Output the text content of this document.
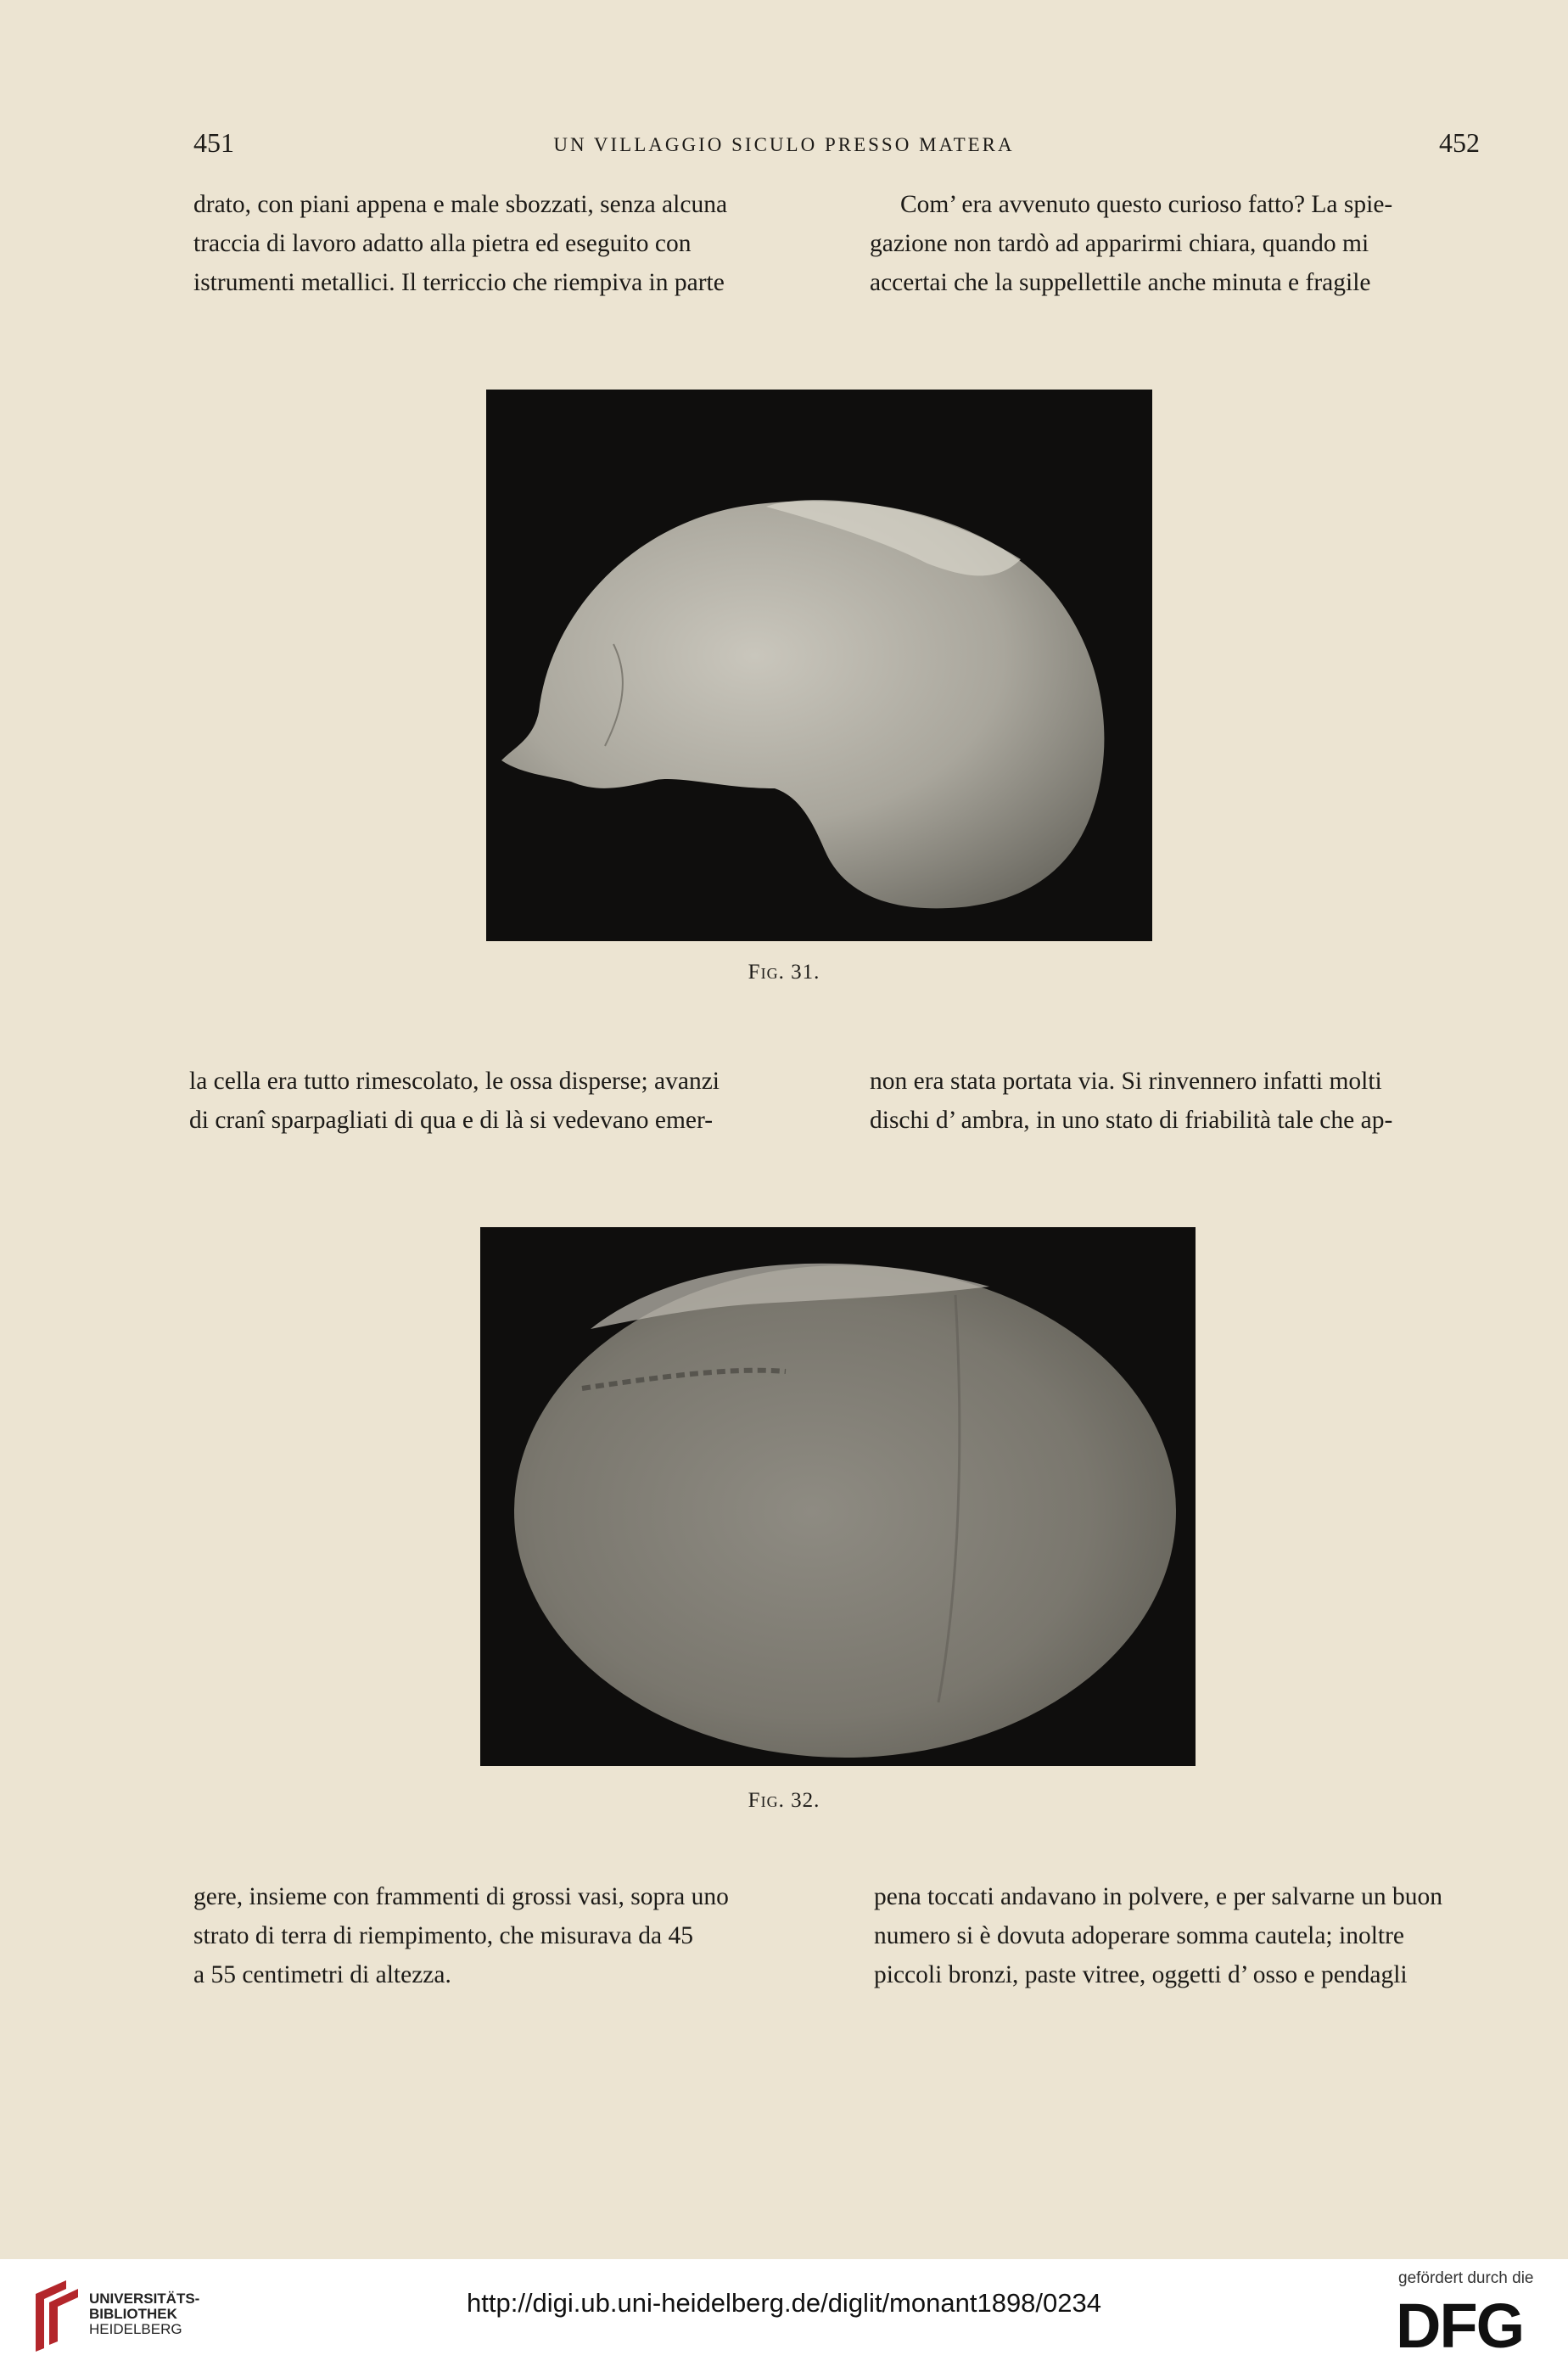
451	UN VILLAGGIO SICULO PRESSO MATERA	452

drato, con piani appena e male sbozzati, senza alcuna

traccia di lavoro adatto alla pietra ed eseguito con

istrumenti metallici. Il terriccio che riempiva in parte

Com’ era avvenuto questo curioso fatto? La spie-

gazione non tardò ad apparirmi chiara, quando mi

accertai che la suppellettile anche minuta e fragile

Fig. 31.

la cella era tutto rimescolato, le ossa disperse; avanzi

di cranî sparpagliati di qua e di là si vedevano emer-

non era stata portata via. Si rinvennero infatti molti

dischi d’ ambra, in uno stato di friabilità tale che ap-

Fig. 32.

gere, insieme con frammenti di grossi vasi, sopra uno

strato di terra di riempimento, che misurava da 45

a 55 centimetri di altezza.

pena toccati andavano in polvere, e per salvarne un buon

numero si è dovuta adoperare somma cautela; inoltre

piccoli bronzi, paste vitree, oggetti d’ osso e pendagli

UNIVERSITÄTS-
BIBLIOTHEK
HEIDELBERG
http://digi.ub.uni-heidelberg.de/diglit/monant1898/0234
gefördert durch die
DFG
